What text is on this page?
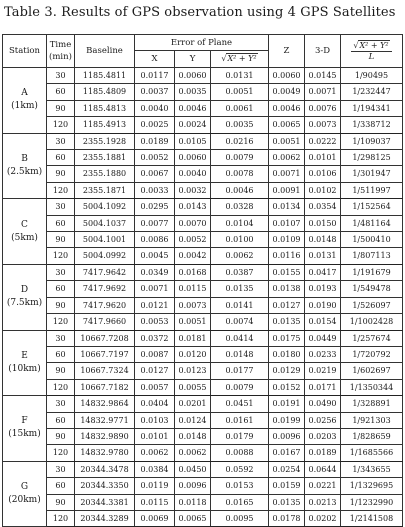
Table 3. Results of GPS observation using 4 GPS Satellites
Station	Time
(min)	Baseline	Error of Plane			Z	3-D	$\frac{\text{√X² + Y²}}{L}$

			X	Y	√X² + Y²			

A
(1km)	30	1185.4811	0.0117	0.0060	0.0131	0.0060	0.0145	1/90495
	60	1185.4809	0.0037	0.0035	0.0051	0.0049	0.0071	1/232447
	90	1185.4813	0.0040	0.0046	0.0061	0.0046	0.0076	1/194341
	120	1185.4913	0.0025	0.0024	0.0035	0.0065	0.0073	1/338712

B
(2.5km)	30	2355.1928	0.0189	0.0105	0.0216	0.0051	0.0222	1/109037
	60	2355.1881	0.0052	0.0060	0.0079	0.0062	0.0101	1/298125
	90	2355.1880	0.0067	0.0040	0.0078	0.0071	0.0106	1/301947
	120	2355.1871	0.0033	0.0032	0.0046	0.0091	0.0102	1/511997

C
(5km)	30	5004.1092	0.0295	0.0143	0.0328	0.0134	0.0354	1/152564
	60	5004.1037	0.0077	0.0070	0.0104	0.0107	0.0150	1/481164
	90	5004.1001	0.0086	0.0052	0.0100	0.0109	0.0148	1/500410
	120	5004.0992	0.0045	0.0042	0.0062	0.0116	0.0131	1/807113

D
(7.5km)	30	7417.9642	0.0349	0.0168	0.0387	0.0155	0.0417	1/191679
	60	7417.9692	0.0071	0.0115	0.0135	0.0138	0.0193	1/549478
	90	7417.9620	0.0121	0.0073	0.0141	0.0127	0.0190	1/526097
	120	7417.9660	0.0053	0.0051	0.0074	0.0135	0.0154	1/1002428

E
(10km)	30	10667.7208	0.0372	0.0181	0.0414	0.0175	0.0449	1/257674
	60	10667.7197	0.0087	0.0120	0.0148	0.0180	0.0233	1/720792
	90	10667.7324	0.0127	0.0123	0.0177	0.0129	0.0219	1/602697
	120	10667.7182	0.0057	0.0055	0.0079	0.0152	0.0171	1/1350344

F
(15km)	30	14832.9864	0.0404	0.0201	0.0451	0.0191	0.0490	1/328891
	60	14832.9771	0.0103	0.0124	0.0161	0.0199	0.0256	1/921303
	90	14832.9890	0.0101	0.0148	0.0179	0.0096	0.0203	1/828659
	120	14832.9780	0.0062	0.0062	0.0088	0.0167	0.0189	1/1685566

G
(20km)	30	20344.3478	0.0384	0.0450	0.0592	0.0254	0.0644	1/343655
	60	20344.3350	0.0119	0.0096	0.0153	0.0159	0.0221	1/1329695
	90	20344.3381	0.0115	0.0118	0.0165	0.0135	0.0213	1/1232990
	120	20344.3289	0.0069	0.0065	0.0095	0.0178	0.0202	1/2141508
